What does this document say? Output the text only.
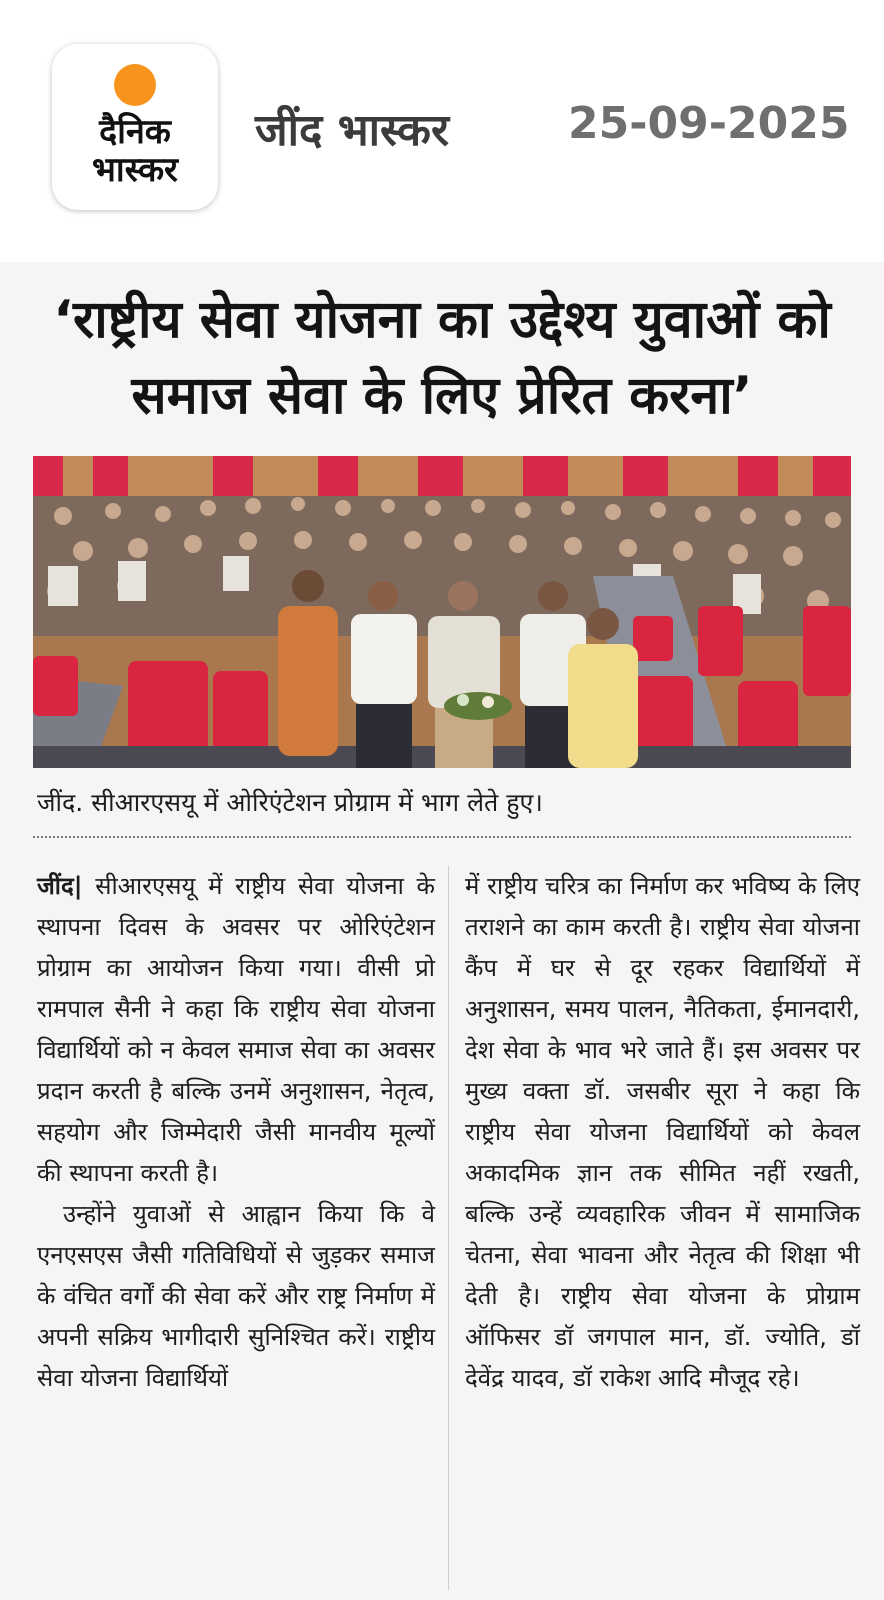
दैनिक
भास्कर
जींद भास्कर	25-09-2025
‘राष्ट्रीय सेवा योजना का उद्देश्य युवाओं को समाज सेवा के लिए प्रेरित करना’
जींद. सीआरएसयू में ओरिएंटेशन प्रोग्राम में भाग लेते हुए।

जींद| सीआरएसयू में राष्ट्रीय सेवा योजना के स्थापना दिवस के अवसर पर ओरिएंटेशन प्रोग्राम का आयोजन किया गया। वीसी प्रो रामपाल सैनी ने कहा कि राष्ट्रीय सेवा योजना विद्यार्थियों को न केवल समाज सेवा का अवसर प्रदान करती है बल्कि उनमें अनुशासन, नेतृत्व, सहयोग और जिम्मेदारी जैसी मानवीय मूल्यों की स्थापना करती है।

उन्होंने युवाओं से आह्वान किया कि वे एनएसएस जैसी गतिविधियों से जुड़कर समाज के वंचित वर्गों की सेवा करें और राष्ट्र निर्माण में अपनी सक्रिय भागीदारी सुनिश्चित करें। राष्ट्रीय सेवा योजना विद्यार्थियों

में राष्ट्रीय चरित्र का निर्माण कर भविष्य के लिए तराशने का काम करती है। राष्ट्रीय सेवा योजना कैंप में घर से दूर रहकर विद्यार्थियों में अनुशासन, समय पालन, नैतिकता, ईमानदारी, देश सेवा के भाव भरे जाते हैं। इस अवसर पर मुख्य वक्ता डॉ. जसबीर सूरा ने कहा कि राष्ट्रीय सेवा योजना विद्यार्थियों को केवल अकादमिक ज्ञान तक सीमित नहीं रखती, बल्कि उन्हें व्यवहारिक जीवन में सामाजिक चेतना, सेवा भावना और नेतृत्व की शिक्षा भी देती है। राष्ट्रीय सेवा योजना के प्रोग्राम ऑफिसर डॉ जगपाल मान, डॉ. ज्योति, डॉ देवेंद्र यादव, डॉ राकेश आदि मौजूद रहे।
